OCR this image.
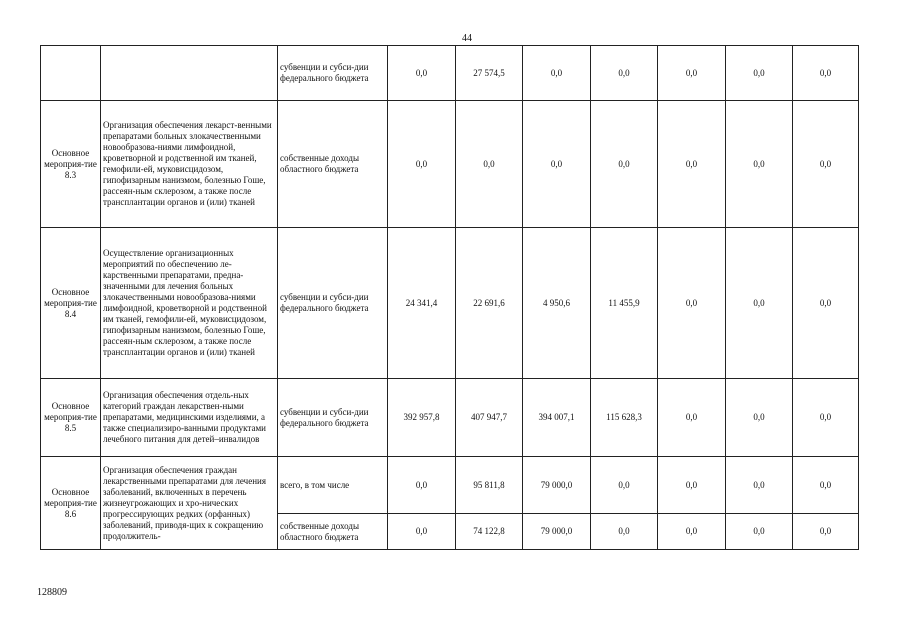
44
		субвенции и субси-дии федерального бюджета	0,0	27 574,5	0,0	0,0	0,0	0,0	0,0
Основное мероприя-тие 8.3	Организация обеспечения лекарст-венными препаратами больных злокачественными новообразова-ниями лимфоидной, кроветворной и родственной им тканей, гемофили-ей, муковисцидозом, гипофизарным нанизмом, болезнью Гоше, рассеян-ным склерозом, а также после трансплантации органов и (или) тканей	собственные доходы областного бюджета	0,0	0,0	0,0	0,0	0,0	0,0	0,0
Основное мероприя-тие 8.4	Осуществление организационных мероприятий по обеспечению ле-карственными препаратами, предна-значенными для лечения больных злокачественными новообразова-ниями лимфоидной, кроветворной и родственной им тканей, гемофили-ей, муковисцидозом, гипофизарным нанизмом, болезнью Гоше, рассеян-ным склерозом, а также после трансплантации органов и (или) тканей	субвенции и субси-дии федерального бюджета	24 341,4	22 691,6	4 950,6	11 455,9	0,0	0,0	0,0
Основное мероприя-тие 8.5	Организация обеспечения отдель-ных категорий граждан лекарствен-ными препаратами, медицинскими изделиями, а также специализиро-ванными продуктами лечебного питания для детей–инвалидов	субвенции и субси-дии федерального бюджета	392 957,8	407 947,7	394 007,1	115 628,3	0,0	0,0	0,0
Основное мероприя-тие 8.6	Организация обеспечения граждан лекарственными препаратами для лечения заболеваний, включенных в перечень жизнеугрожающих и хро-нических прогрессирующих редких (орфанных) заболеваний, приводя-щих к сокращению продолжитель-	всего, в том числе	0,0	95 811,8	79 000,0	0,0	0,0	0,0	0,0
		собственные доходы областного бюджета	0,0	74 122,8	79 000,0	0,0	0,0	0,0	0,0
128809
